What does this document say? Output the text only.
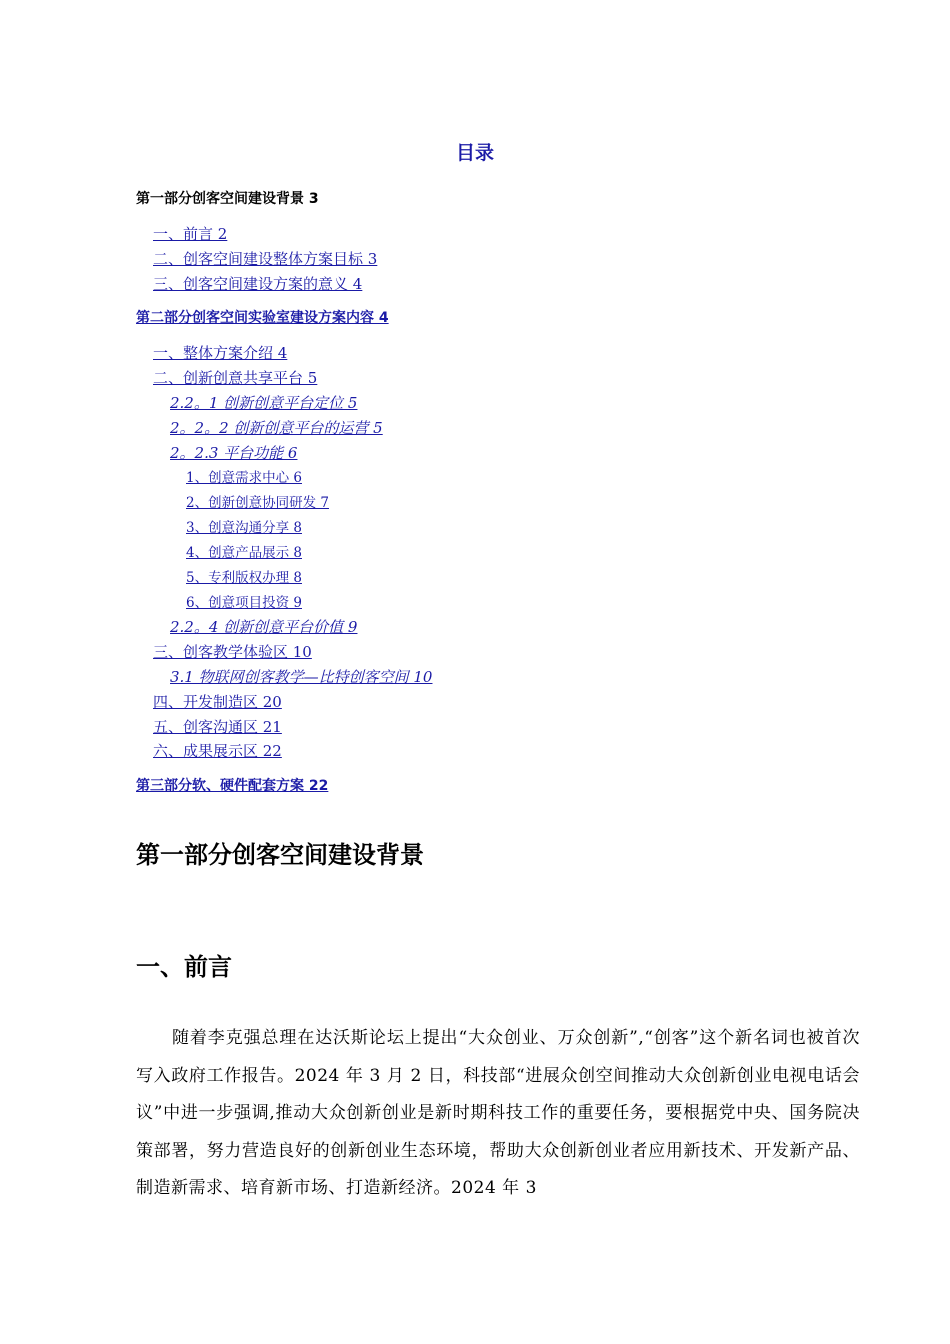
目录
第一部分创客空间建设背景 3
一、前言 2
二、创客空间建设整体方案目标 3
三、创客空间建设方案的意义 4
第二部分创客空间实验室建设方案内容 4
一、整体方案介绍 4
二、创新创意共享平台 5
2.2。1 创新创意平台定位 5
2。2。2 创新创意平台的运营 5
2。2.3 平台功能 6
1、创意需求中心 6
2、创新创意协同研发 7
3、创意沟通分享 8
4、创意产品展示 8
5、专利版权办理 8
6、创意项目投资 9
2.2。4 创新创意平台价值 9
三、创客教学体验区 10
3.1 物联网创客教学—比特创客空间 10
四、开发制造区 20
五、创客沟通区 21
六、成果展示区 22
第三部分软、硬件配套方案 22
第一部分创客空间建设背景
一、前言
随着李克强总理在达沃斯论坛上提出“大众创业、万众创新”,“创客”这个新名词也被首次写入政府工作报告。2024 年 3 月 2 日，科技部“进展众创空间推动大众创新创业电视电话会议”中进一步强调,推动大众创新创业是新时期科技工作的重要任务，要根据党中央、国务院决策部署，努力营造良好的创新创业生态环境，帮助大众创新创业者应用新技术、开发新产品、制造新需求、培育新市场、打造新经济。2024 年 3
